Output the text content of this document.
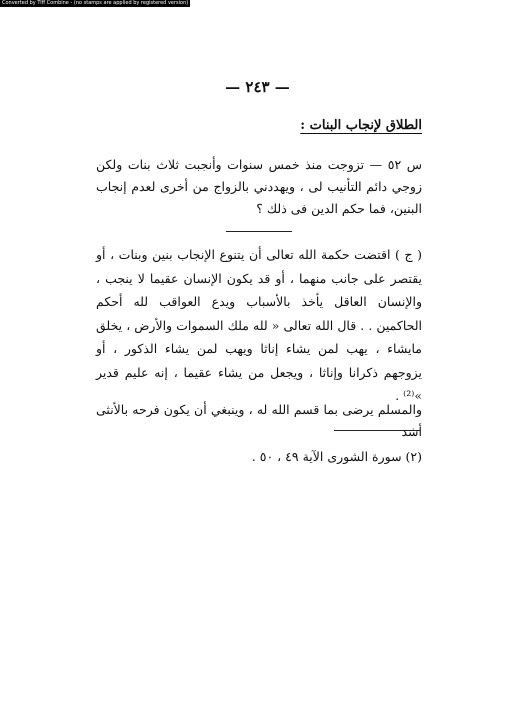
Converted by Tiff Combine - (no stamps are applied by registered version)
— ٢٤٣ —
الطلاق لإنجاب البنات :
س ٥٢ — تزوجت منذ خمس سنوات وأنجبت ثلاث بنات ولكن زوجي دائم التأنيب لى ، ويهددني بالزواج من أخرى لعدم إنجاب البنين، فما حكم الدين فى ذلك ؟
( ج ) اقتضت حكمة الله تعالى أن يتنوع الإنجاب بنين وبنات ، أو يقتصر على جانب منهما ، أو قد يكون الإنسان عقيما لا ينجب ، والإنسان العاقل يأخذ بالأسباب ويدع العواقب لله أحكم الحاكمين . . قال الله تعالى « لله ملك السموات والأرض ، يخلق مايشاء ، يهب لمن يشاء إناثا ويهب لمن يشاء الذكور ، أو يزوجهم ذكرانا وإناثا ، ويجعل من يشاء عقيما ، إنه عليم قدير »⁽²⁾ .
والمسلم يرضى بما قسم الله له ، وينبغي أن يكون فرحه بالأنثى أشد
(٢) سورة الشورى الآية ٤٩ ، ٥٠ .
